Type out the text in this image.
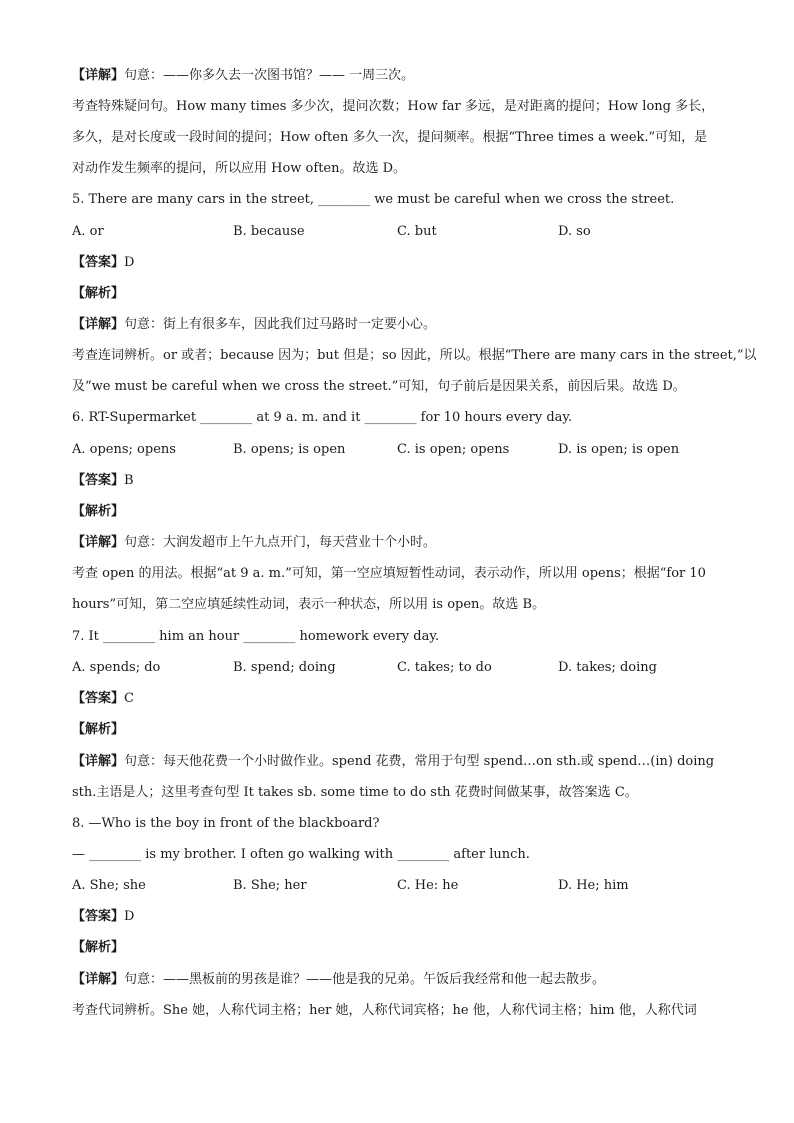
【详解】句意：——你多久去一次图书馆？—— 一周三次。
考查特殊疑问句。How many times 多少次，提问次数；How far 多远，是对距离的提问；How long 多长，
多久，是对长度或一段时间的提问；How often 多久一次，提问频率。根据“Three times a week.”可知，是
对动作发生频率的提问，所以应用 How often。故选 D。
5. There are many cars in the street, ________ we must be careful when we cross the street.
A. or	B. because	C. but	D. so
【答案】D
【解析】
【详解】句意：街上有很多车，因此我们过马路时一定要小心。
考查连词辨析。or 或者；because 因为；but 但是；so 因此，所以。根据“There are many cars in the street,”以
及“we must be careful when we cross the street.”可知，句子前后是因果关系，前因后果。故选 D。
6. RT-Supermarket ________ at 9 a. m. and it ________ for 10 hours every day.
A. opens; opens	B. opens; is open	C. is open; opens	D. is open; is open
【答案】B
【解析】
【详解】句意：大润发超市上午九点开门，每天营业十个小时。
考查 open 的用法。根据“at 9 a. m.”可知，第一空应填短暂性动词，表示动作，所以用 opens；根据“for 10
hours”可知，第二空应填延续性动词，表示一种状态，所以用 is open。故选 B。
7. It ________ him an hour ________ homework every day.
A. spends; do	B. spend; doing	C. takes; to do	D. takes; doing
【答案】C
【解析】
【详解】句意：每天他花费一个小时做作业。spend 花费，常用于句型 spend…on sth.或 spend…(in) doing
sth.主语是人；这里考查句型 It takes sb. some time to do sth 花费时间做某事，故答案选 C。
8. —Who is the boy in front of the blackboard?
— ________ is my brother. I often go walking with ________ after lunch.
A. She; she	B. She; her	C. He: he	D. He; him
【答案】D
【解析】
【详解】句意：——黑板前的男孩是谁？——他是我的兄弟。午饭后我经常和他一起去散步。
考查代词辨析。She 她，人称代词主格；her 她，人称代词宾格；he 他，人称代词主格；him 他，人称代词
